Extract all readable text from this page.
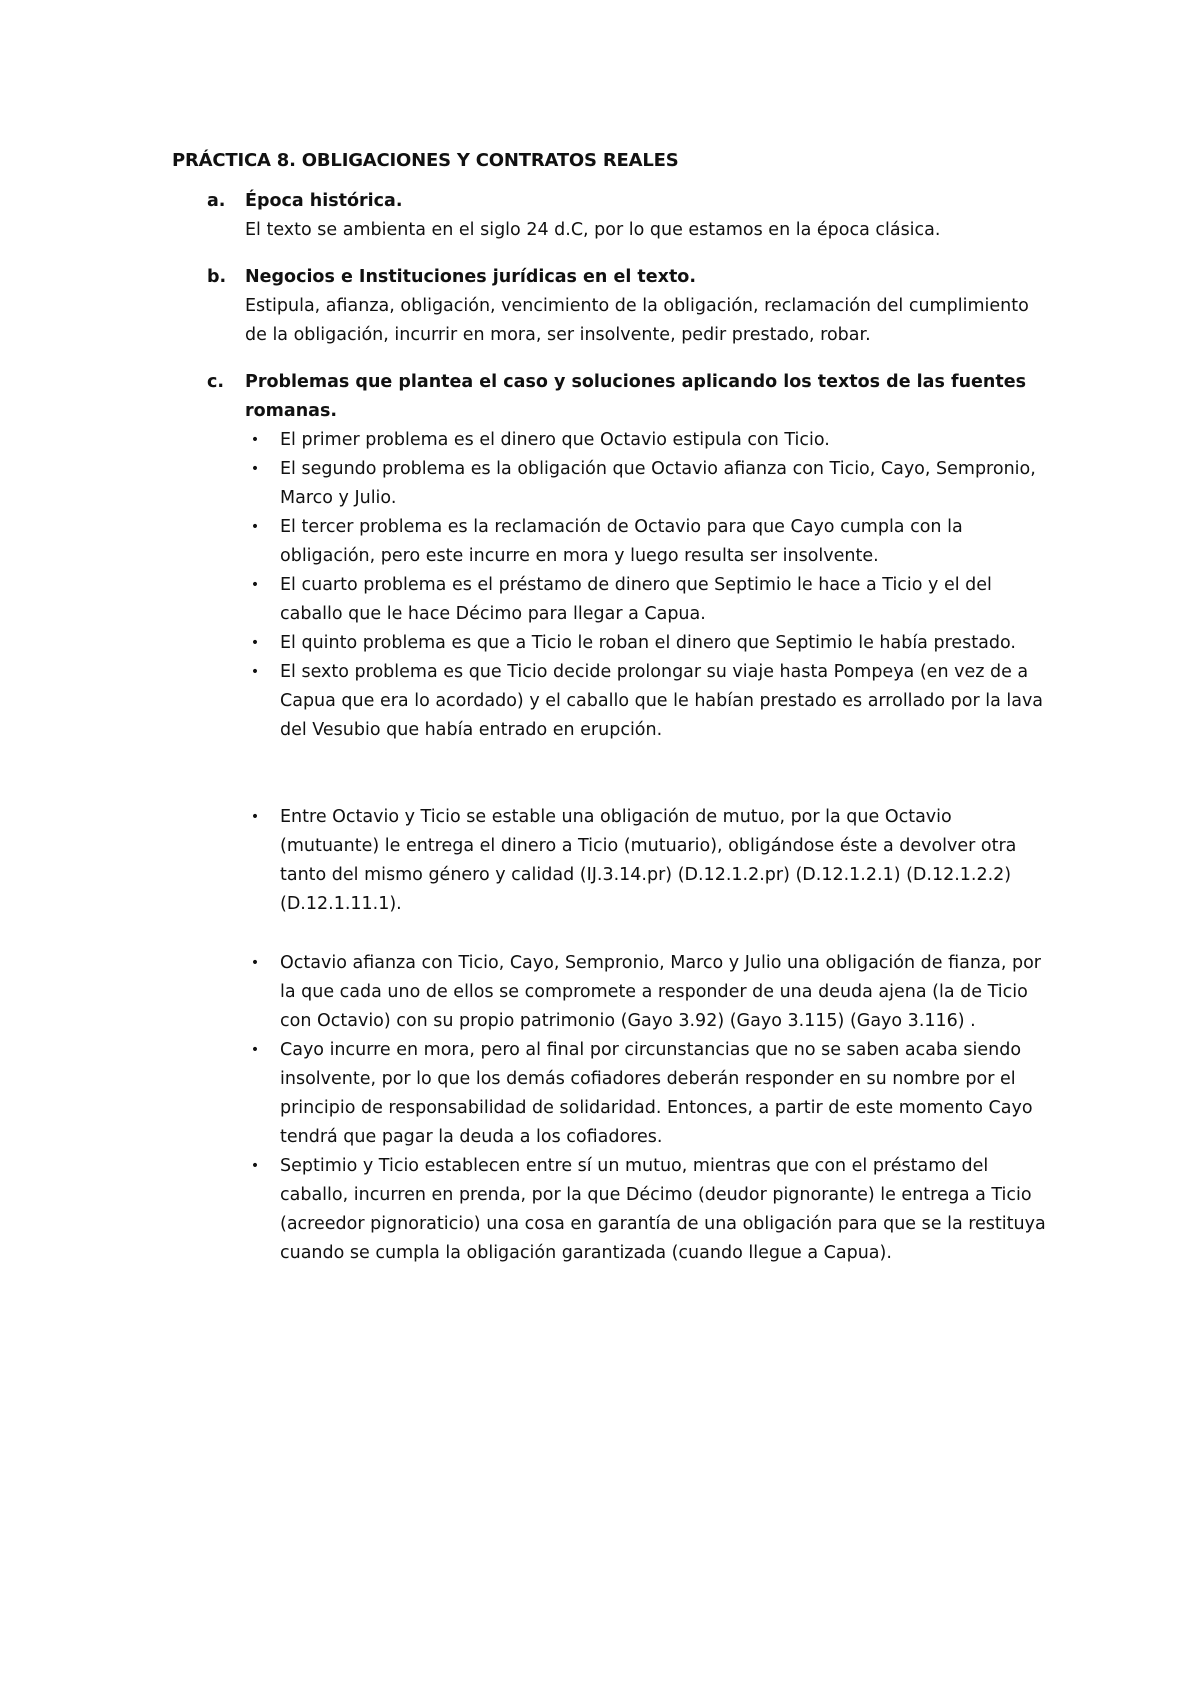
PRÁCTICA 8. OBLIGACIONES Y CONTRATOS REALES
a. Época histórica.
El texto se ambienta en el siglo 24 d.C, por lo que estamos en la época clásica.
b. Negocios e Instituciones jurídicas en el texto.
Estipula, afianza, obligación, vencimiento de la obligación, reclamación del cumplimiento de la obligación, incurrir en mora, ser insolvente, pedir prestado, robar.
c. Problemas que plantea el caso y soluciones aplicando los textos de las fuentes romanas.
•	El primer problema es el dinero que Octavio estipula con Ticio.
•	El segundo problema es la obligación que Octavio afianza con Ticio, Cayo, Sempronio, Marco y Julio.
•	El tercer problema es la reclamación de Octavio para que Cayo cumpla con la obligación, pero este incurre en mora y luego resulta ser insolvente.
•	El cuarto problema es el préstamo de dinero que Septimio le hace a Ticio y el del caballo que le hace Décimo para llegar a Capua.
•	El quinto problema es que a Ticio le roban el dinero que Septimio le había prestado.
•	El sexto problema es que Ticio decide prolongar su viaje hasta Pompeya (en vez de a Capua que era lo acordado) y el caballo que le habían prestado es arrollado por la lava del Vesubio que había entrado en erupción.
•	Entre Octavio y Ticio se estable una obligación de mutuo, por la que Octavio (mutuante) le entrega el dinero a Ticio (mutuario), obligándose éste a devolver otra tanto del mismo género y calidad (IJ.3.14.pr) (D.12.1.2.pr) (D.12.1.2.1) (D.12.1.2.2) (D.12.1.11.1).
•	Octavio afianza con Ticio, Cayo, Sempronio, Marco y Julio una obligación de fianza, por la que cada uno de ellos se compromete a responder de una deuda ajena (la de Ticio con Octavio) con su propio patrimonio (Gayo 3.92) (Gayo 3.115) (Gayo 3.116) .
•	Cayo incurre en mora, pero al final por circunstancias que no se saben acaba siendo insolvente, por lo que los demás cofiadores deberán responder en su nombre por el principio de responsabilidad de solidaridad. Entonces, a partir de este momento Cayo tendrá que pagar la deuda a los cofiadores.
•	Septimio y Ticio establecen entre sí un mutuo, mientras que con el préstamo del caballo, incurren en prenda, por la que Décimo (deudor pignorante) le entrega a Ticio (acreedor pignoraticio) una cosa en garantía de una obligación para que se la restituya cuando se cumpla la obligación garantizada (cuando llegue a Capua).
